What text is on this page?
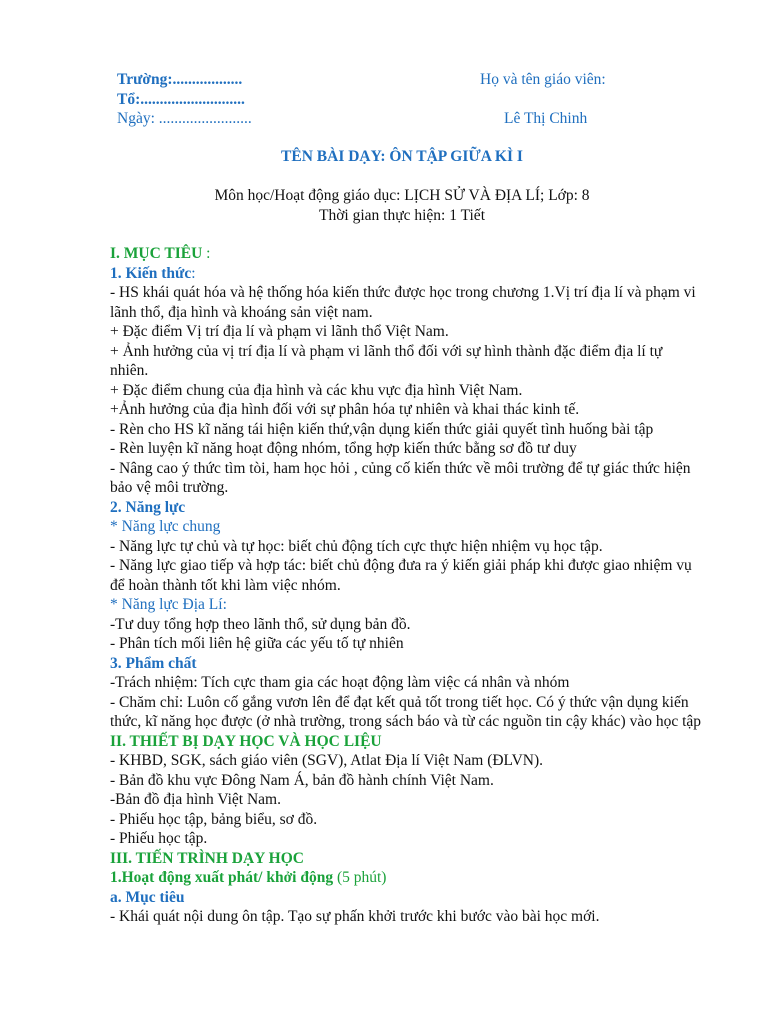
Trường:..................
Tổ:...........................
Ngày: ........................
Họ và tên giáo viên:
Lê Thị Chinh
TÊN BÀI DẠY: ÔN TẬP GIỮA KÌ I
Môn học/Hoạt động giáo dục: LỊCH SỬ VÀ ĐỊA LÍ; Lớp: 8
Thời gian thực hiện: 1 Tiết

I. MỤC TIÊU :

1. Kiến thức:

- HS khái quát hóa và hệ thống hóa kiến thức được học trong chương 1.Vị trí địa lí và phạm vi lãnh thổ, địa hình và khoáng sản việt nam.

+ Đặc điểm Vị trí địa lí và phạm vi lãnh thổ Việt Nam.

+ Ảnh hưởng của vị trí địa lí và phạm vi lãnh thổ đối với sự hình thành đặc điểm địa lí tự nhiên.

+ Đặc điểm chung của địa hình và các khu vực địa hình Việt Nam.

+Ảnh hưởng của địa hình đối với sự phân hóa tự nhiên và khai thác kinh tế.

- Rèn cho HS kĩ năng tái hiện kiến thứ,vận dụng kiến thức giải quyết tình huống bài tập

- Rèn luyện kĩ năng hoạt động nhóm, tổng hợp kiến thức bằng sơ đồ tư duy

- Nâng cao ý thức tìm tòi, ham học hỏi , củng cố kiến thức về môi trường để tự giác thức hiện bảo vệ môi trường.

2. Năng lực

* Năng lực chung

- Năng lực tự chủ và tự học: biết chủ động tích cực thực hiện nhiệm vụ học tập.

- Năng lực giao tiếp và hợp tác: biết chủ động đưa ra ý kiến giải pháp khi được giao nhiệm vụ để hoàn thành tốt khi làm việc nhóm.

* Năng lực Địa Lí:

-Tư duy tổng hợp theo lãnh thổ, sử dụng bản đồ.

- Phân tích mối liên hệ giữa các yếu tố tự nhiên

3. Phẩm chất

-Trách nhiệm: Tích cực tham gia các hoạt động làm việc cá nhân và nhóm

- Chăm chỉ: Luôn cố gắng vươn lên để đạt kết quả tốt trong tiết học. Có ý thức vận dụng kiến thức, kĩ năng học được (ở nhà trường, trong sách báo và từ các nguồn tin cậy khác) vào học tập

II. THIẾT BỊ DẠY HỌC VÀ HỌC LIỆU

- KHBD, SGK, sách giáo viên (SGV), Atlat Địa lí Việt Nam (ĐLVN).

- Bản đồ khu vực Đông Nam Á, bản đồ hành chính Việt Nam.

-Bản đồ địa hình Việt Nam.

- Phiếu học tập, bảng biểu, sơ đồ.

- Phiếu học tập.

III. TIẾN TRÌNH DẠY HỌC

1.Hoạt động xuất phát/ khởi động (5 phút)

a. Mục tiêu

- Khái quát nội dung ôn tập. Tạo sự phấn khởi trước khi bước vào bài học mới.
